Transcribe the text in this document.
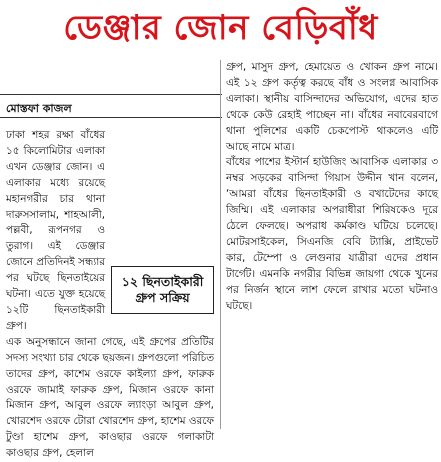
ডেঞ্জার জোন বেড়িবাঁধ
মোস্তফা কাজল

১২ ছিনতাইকারী গ্রুপ সক্রিয়
ঢাকা শহর রক্ষা বাঁধের ১৫ কিলোমিটার এলাকা এখন ডেঞ্জার জোন। এ এলাকার মধ্যে রয়েছে মহানগরীর চার থানা দারুসসালাম, শাহআলী, পল্লবী, রূপনগর ও তুরাগ। এই ডেঞ্জার জোনে প্রতিদিনই সন্ধ্যার পর ঘটছে ছিনতাইয়ের ঘটনা। এতে যুক্ত হয়েছে ১২টি ছিনতাইকারী গ্রুপ।

এক অনুসন্ধানে জানা গেছে, এই গ্রুপের প্রতিটির সদস্য সংখ্যা চার থেকে ছয়জন। গ্রুপগুলো পরিচিত তাদের গ্রুপ, কাশেম ওরফে কাইল্যা গ্রুপ, ফারুক ওরফে জামাই ফারুক গ্রুপ, মিজান ওরফে কানা মিজান গ্রুপ, আবুল ওরফে ল্যাংড়া আবুল গ্রুপ, খোরশেদ ওরফে টোরা খোরশেদ গ্রুপ, হাশেম ওরফে টুণ্ডা হাশেম গ্রুপ, কাওছার ওরফে গলাকাটা কাওছার গ্রুপ, হেলাল

গ্রুপ, মাসুদ গ্রুপ, হেমায়েত ও খোকন গ্রুপ নামে। এই ১২ গ্রুপ কর্তৃত্ব করছে বাঁধ ও সংলগ্ন আবাসিক এলাকা। স্থানীয় বাসিন্দাদের অভিযোগ, এদের হাত থেকে কেউ রেহাই পাচ্ছেন না। বাঁধের নবাবেরবাগে থানা পুলিশের একটি চেকপোস্ট থাকলেও এটি আছে নামে মাত্র।

বাঁধের পাশের ইস্টার্ন হাউজিং আবাসিক এলাকার ৩ নম্বর সড়কের বাসিন্দা গিয়াস উদ্দীন খান বলেন, ‘আমরা বাঁধের ছিনতাইকারী ও বখাটেদের কাছে জিম্মি। এই এলাকার অপরাধীরা শিরিষকেও দূরে ঠেলে ফেলছে। অপরাধ কর্মকাণ্ড ঘটিয়ে চলেছে। মোটরসাইকেল, সিএনজি বেবি ট্যাক্সি, প্রাইভেট কার, টেম্পো ও লেগুনার যাত্রীরা এদের প্রধান টার্গেট। এমনকি নগরীর বিভিন্ন জায়গা থেকে খুনের পর নির্জন স্থানে লাশ ফেলে রাখার মতো ঘটনাও ঘটছে।
